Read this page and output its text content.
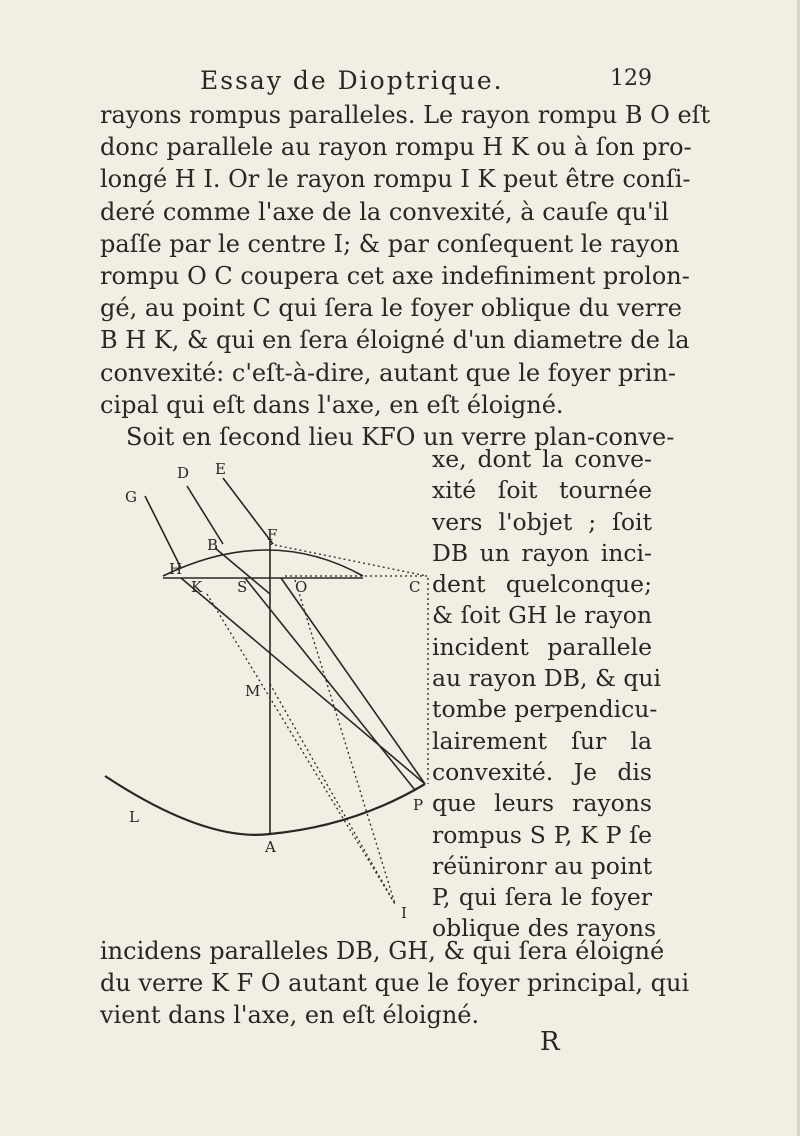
Essay de Dioptrique.	129
rayons rompus paralleles. Le rayon rompu B O eſt
donc parallele au rayon rompu H K ou à ſon pro-
longé H I. Or le rayon rompu I K peut être conſi-
deré comme l'axe de la convexité, à cauſe qu'il
paſſe par le centre I; & par conſequent le rayon
rompu O C coupera cet axe indefiniment prolon-
gé, au point C qui ſera le foyer oblique du verre
B H K, & qui en ſera éloigné d'un diametre de la
convexité: c'eſt-à-dire, autant que le foyer prin-
cipal qui eſt dans l'axe, en eſt éloigné.
Soit en ſecond lieu KFO un verre plan-conve-
D E
G
F
B
H
K S	O	C
M
P
L
A
I
xe, dont la conve-
xité ſoit tournée
vers l'objet ; ſoit
DB un rayon inci-
dent quelconque;
& ſoit GH le rayon
incident parallele
au rayon DB, & qui
tombe perpendicu-
lairement ſur la
convexité. Je dis
que leurs rayons
rompus S P, K P ſe
réünironr au point
P, qui ſera le foyer
oblique des rayons
incidens paralleles DB, GH, & qui ſera éloigné
du verre K F O autant que le foyer principal, qui
vient dans l'axe, en eſt éloigné.
R
